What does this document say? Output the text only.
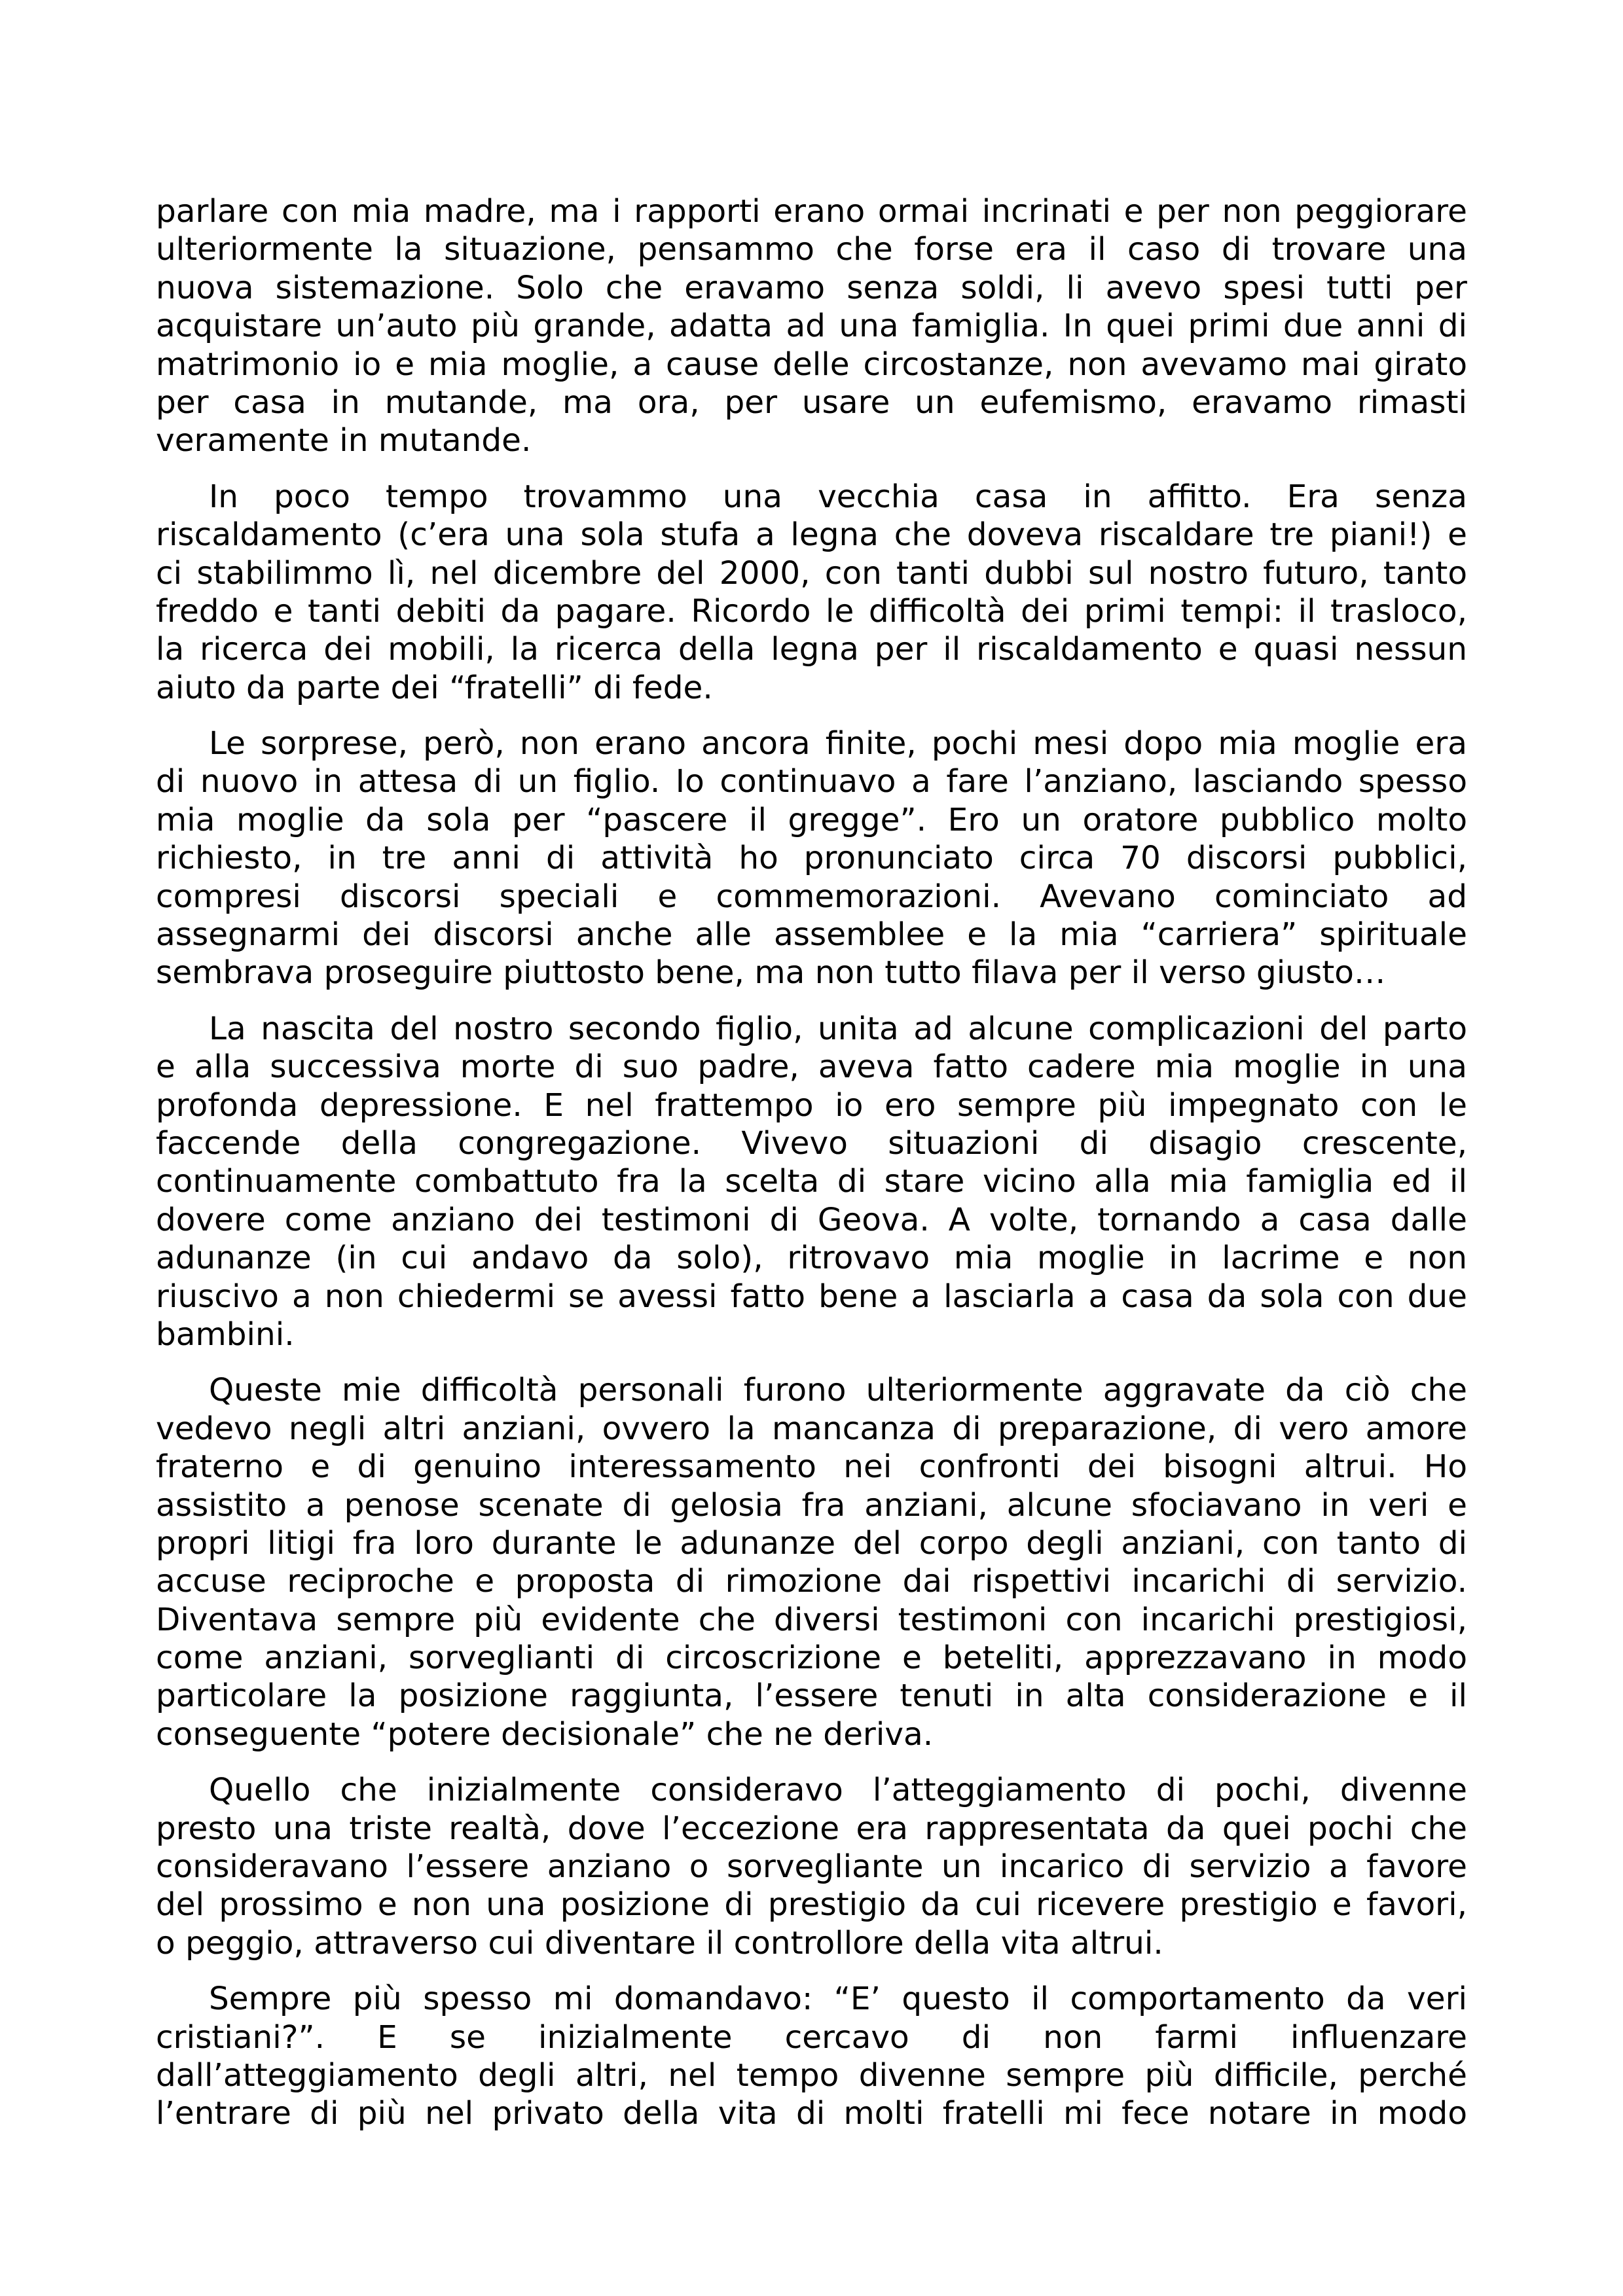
parlare con mia madre, ma i rapporti erano ormai incrinati e per non peggiorare
ulteriormente la situazione, pensammo che forse era il caso di trovare una
nuova sistemazione. Solo che eravamo senza soldi, li avevo spesi tutti per
acquistare un’auto più grande, adatta ad una famiglia. In quei primi due anni di
matrimonio io e mia moglie, a cause delle circostanze, non avevamo mai girato
per casa in mutande, ma ora, per usare un eufemismo, eravamo rimasti
veramente in mutande.
In poco tempo trovammo una vecchia casa in affitto. Era senza
riscaldamento (c’era una sola stufa a legna che doveva riscaldare tre piani!) e
ci stabilimmo lì, nel dicembre del 2000, con tanti dubbi sul nostro futuro, tanto
freddo e tanti debiti da pagare. Ricordo le difficoltà dei primi tempi: il trasloco,
la ricerca dei mobili, la ricerca della legna per il riscaldamento e quasi nessun
aiuto da parte dei “fratelli” di fede.
Le sorprese, però, non erano ancora finite, pochi mesi dopo mia moglie era
di nuovo in attesa di un figlio. Io continuavo a fare l’anziano, lasciando spesso
mia moglie da sola per “pascere il gregge”. Ero un oratore pubblico molto
richiesto, in tre anni di attività ho pronunciato circa 70 discorsi pubblici,
compresi discorsi speciali e commemorazioni. Avevano cominciato ad
assegnarmi dei discorsi anche alle assemblee e la mia “carriera” spirituale
sembrava proseguire piuttosto bene, ma non tutto filava per il verso giusto…
La nascita del nostro secondo figlio, unita ad alcune complicazioni del parto
e alla successiva morte di suo padre, aveva fatto cadere mia moglie in una
profonda depressione. E nel frattempo io ero sempre più impegnato con le
faccende della congregazione. Vivevo situazioni di disagio crescente,
continuamente combattuto fra la scelta di stare vicino alla mia famiglia ed il
dovere come anziano dei testimoni di Geova. A volte, tornando a casa dalle
adunanze (in cui andavo da solo), ritrovavo mia moglie in lacrime e non
riuscivo a non chiedermi se avessi fatto bene a lasciarla a casa da sola con due
bambini.
Queste mie difficoltà personali furono ulteriormente aggravate da ciò che
vedevo negli altri anziani, ovvero la mancanza di preparazione, di vero amore
fraterno e di genuino interessamento nei confronti dei bisogni altrui. Ho
assistito a penose scenate di gelosia fra anziani, alcune sfociavano in veri e
propri litigi fra loro durante le adunanze del corpo degli anziani, con tanto di
accuse reciproche e proposta di rimozione dai rispettivi incarichi di servizio.
Diventava sempre più evidente che diversi testimoni con incarichi prestigiosi,
come anziani, sorveglianti di circoscrizione e beteliti, apprezzavano in modo
particolare la posizione raggiunta, l’essere tenuti in alta considerazione e il
conseguente “potere decisionale” che ne deriva.
Quello che inizialmente consideravo l’atteggiamento di pochi, divenne
presto una triste realtà, dove l’eccezione era rappresentata da quei pochi che
consideravano l’essere anziano o sorvegliante un incarico di servizio a favore
del prossimo e non una posizione di prestigio da cui ricevere prestigio e favori,
o peggio, attraverso cui diventare il controllore della vita altrui.
Sempre più spesso mi domandavo: “E’ questo il comportamento da veri
cristiani?”. E se inizialmente cercavo di non farmi influenzare
dall’atteggiamento degli altri, nel tempo divenne sempre più difficile, perché
l’entrare di più nel privato della vita di molti fratelli mi fece notare in modo
